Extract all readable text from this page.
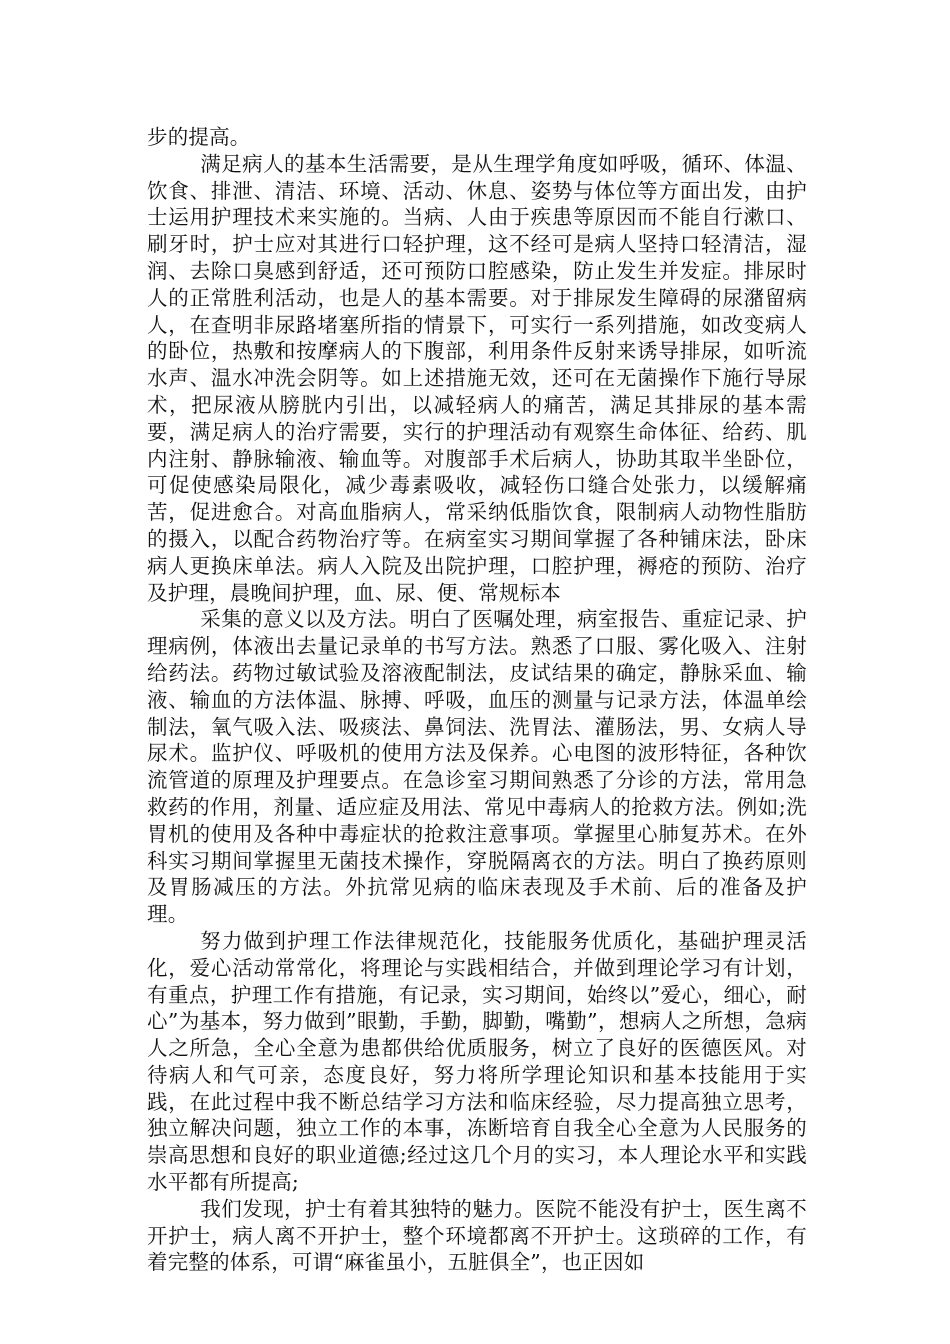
步的提高。

满足病人的基本生活需要，是从生理学角度如呼吸，循环、体温、饮食、排泄、清洁、环境、活动、休息、姿势与体位等方面出发，由护士运用护理技术来实施的。当病、人由于疾患等原因而不能自行漱口、刷牙时，护士应对其进行口轻护理，这不经可是病人坚持口轻清洁，湿润、去除口臭感到舒适，还可预防口腔感染，防止发生并发症。排尿时人的正常胜利活动，也是人的基本需要。对于排尿发生障碍的尿潴留病人，在查明非尿路堵塞所指的情景下，可实行一系列措施，如改变病人的卧位，热敷和按摩病人的下腹部，利用条件反射来诱导排尿，如听流水声、温水冲洗会阴等。如上述措施无效，还可在无菌操作下施行导尿术，把尿液从膀胱内引出，以减轻病人的痛苦，满足其排尿的基本需要，满足病人的治疗需要，实行的护理活动有观察生命体征、给药、肌内注射、静脉输液、输血等。对腹部手术后病人，协助其取半坐卧位，可促使感染局限化，减少毒素吸收，减轻伤口缝合处张力，以缓解痛苦，促进愈合。对高血脂病人，常采纳低脂饮食，限制病人动物性脂肪的摄入，以配合药物治疗等。在病室实习期间掌握了各种铺床法，卧床病人更换床单法。病人入院及出院护理，口腔护理，褥疮的预防、治疗及护理，晨晚间护理，血、尿、便、常规标本

采集的意义以及方法。明白了医嘱处理，病室报告、重症记录、护理病例，体液出去量记录单的书写方法。熟悉了口服、雾化吸入、注射给药法。药物过敏试验及溶液配制法，皮试结果的确定，静脉采血、输液、输血的方法体温、脉搏、呼吸，血压的测量与记录方法，体温单绘制法，氧气吸入法、吸痰法、鼻饲法、洗胃法、灌肠法，男、女病人导尿术。监护仪、呼吸机的使用方法及保养。心电图的波形特征，各种饮流管道的原理及护理要点。在急诊室习期间熟悉了分诊的方法，常用急救药的作用，剂量、适应症及用法、常见中毒病人的抢救方法。例如;洗胃机的使用及各种中毒症状的抢救注意事项。掌握里心肺复苏术。在外科实习期间掌握里无菌技术操作，穿脱隔离衣的方法。明白了换药原则及胃肠减压的方法。外抗常见病的临床表现及手术前、后的准备及护理。

努力做到护理工作法律规范化，技能服务优质化，基础护理灵活化，爱心活动常常化，将理论与实践相结合，并做到理论学习有计划，有重点，护理工作有措施，有记录，实习期间，始终以”爱心，细心，耐心”为基本，努力做到”眼勤，手勤，脚勤，嘴勤”，想病人之所想，急病人之所急，全心全意为患都供给优质服务，树立了良好的医德医风。对待病人和气可亲，态度良好，努力将所学理论知识和基本技能用于实践，在此过程中我不断总结学习方法和临床经验，尽力提高独立思考，独立解决问题，独立工作的本事，冻断培育自我全心全意为人民服务的崇高思想和良好的职业道德;经过这几个月的实习，本人理论水平和实践水平都有所提高;

我们发现，护士有着其独特的魅力。医院不能没有护士，医生离不开护士，病人离不开护士，整个环境都离不开护士。这琐碎的工作，有着完整的体系，可谓“麻雀虽小，五脏俱全”，也正因如
